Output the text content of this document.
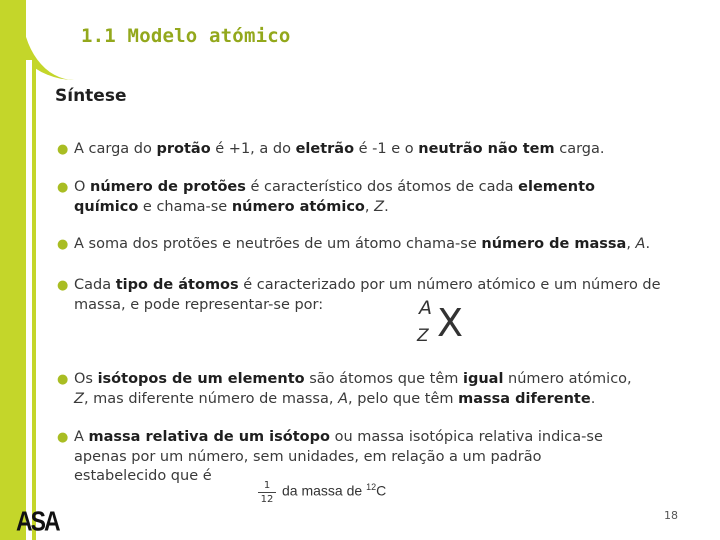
1.1 Modelo atómico
Síntese
● A carga do protão é +1, a do eletrão é -1 e o neutrão não tem carga.
● O número de protões é característico dos átomos de cada elemento
químico e chama-se número atómico, Z.
● A soma dos protões e neutrões de um átomo chama-se número de massa, A.
● Cada tipo de átomos é caracterizado por um número atómico e um número de
massa, e pode representar-se por:	A
Z X
● Os isótopos de um elemento são átomos que têm igual número atómico,
Z, mas diferente número de massa, A, pelo que têm massa diferente.
● A massa relativa de um isótopo ou massa isotópica relativa indica-se
apenas por um número, sem unidades, em relação a um padrão
estabelecido que é
$\frac{1}{12}$ da massa de $^{12}$C
ASA	18
